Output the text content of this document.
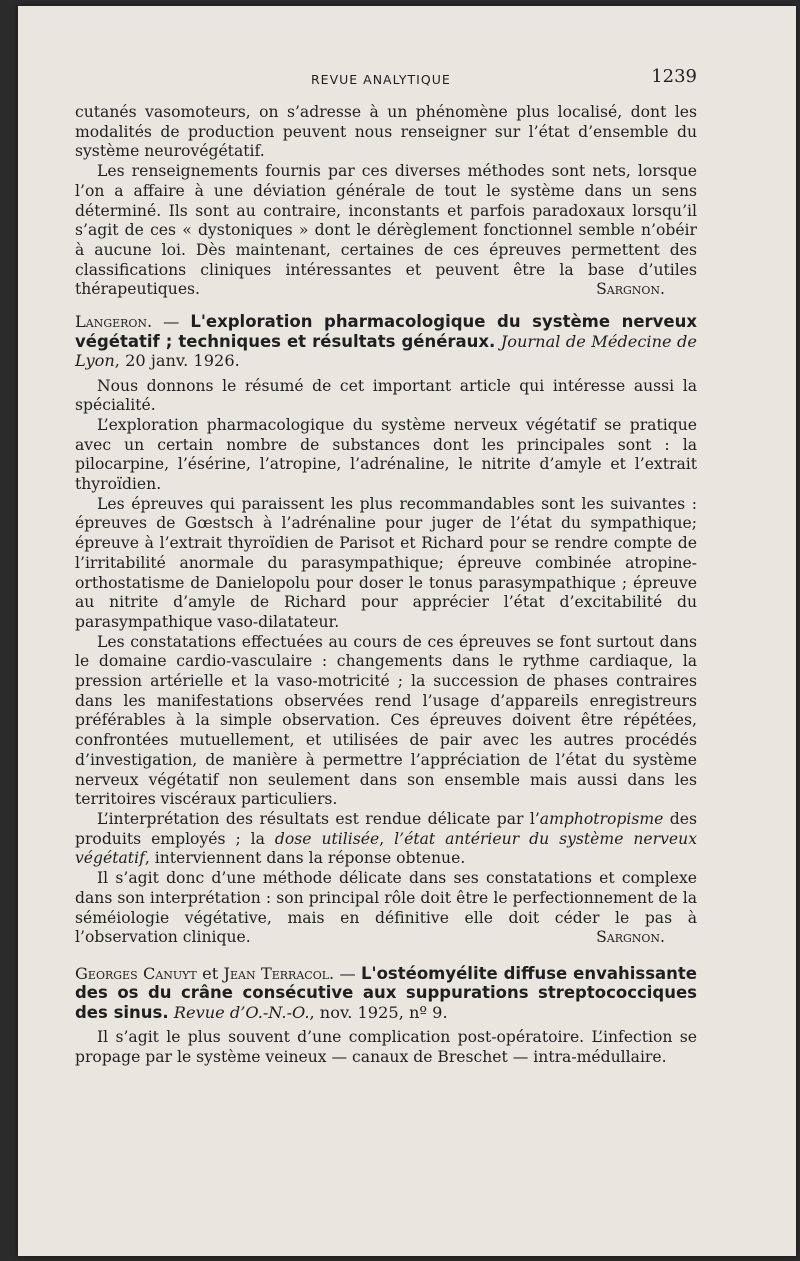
REVUE ANALYTIQUE	1239

cutanés vasomoteurs, on s’adresse à un phénomène plus localisé, dont les modalités de production peuvent nous renseigner sur l’état d’ensemble du système neurovégétatif.

Les renseignements fournis par ces diverses méthodes sont nets, lorsque l’on a affaire à une déviation générale de tout le système dans un sens déterminé. Ils sont au contraire, inconstants et parfois paradoxaux lorsqu’il s’agit de ces « dystoniques » dont le dérèglement fonctionnel semble n’obéir à aucune loi. Dès maintenant, certaines de ces épreuves permettent des classifications cliniques intéressantes et peuvent être la base d’utiles thérapeutiques.	Sargnon.

Langeron. — L'exploration pharmacologique du système nerveux végétatif ; techniques et résultats généraux. Journal de Médecine de Lyon, 20 janv. 1926.

Nous donnons le résumé de cet important article qui intéresse aussi la spécialité.

L’exploration pharmacologique du système nerveux végétatif se pratique avec un certain nombre de substances dont les principales sont : la pilocarpine, l’ésérine, l’atropine, l’adrénaline, le nitrite d’amyle et l’extrait thyroïdien.

Les épreuves qui paraissent les plus recommandables sont les suivantes : épreuves de Gœstsch à l’adrénaline pour juger de l’état du sympathique; épreuve à l’extrait thyroïdien de Parisot et Richard pour se rendre compte de l’irritabilité anormale du parasympathique; épreuve combinée atropine-orthostatisme de Danielopolu pour doser le tonus parasympathique ; épreuve au nitrite d’amyle de Richard pour apprécier l’état d’excitabilité du parasympathique vaso-dilatateur.

Les constatations effectuées au cours de ces épreuves se font surtout dans le domaine cardio-vasculaire : changements dans le rythme cardiaque, la pression artérielle et la vaso-motricité ; la succession de phases contraires dans les manifestations observées rend l’usage d’appareils enregistreurs préférables à la simple observation. Ces épreuves doivent être répétées, confrontées mutuellement, et utilisées de pair avec les autres procédés d’investigation, de manière à permettre l’appréciation de l’état du système nerveux végétatif non seulement dans son ensemble mais aussi dans les territoires viscéraux particuliers.

L’interprétation des résultats est rendue délicate par l’amphotropisme des produits employés ; la dose utilisée, l’état antérieur du système nerveux végétatif, interviennent dans la réponse obtenue.

Il s’agit donc d’une méthode délicate dans ses constatations et complexe dans son interprétation : son principal rôle doit être le perfectionnement de la séméiologie végétative, mais en définitive elle doit céder le pas à l’observation clinique.	Sargnon.

Georges Canuyt et Jean Terracol. — L'ostéomyélite diffuse envahissante des os du crâne consécutive aux suppurations streptococciques des sinus. Revue d’O.-N.-O., nov. 1925, nº 9.

Il s’agit le plus souvent d’une complication post-opératoire. L’infection se propage par le système veineux — canaux de Breschet — intra-médullaire.
